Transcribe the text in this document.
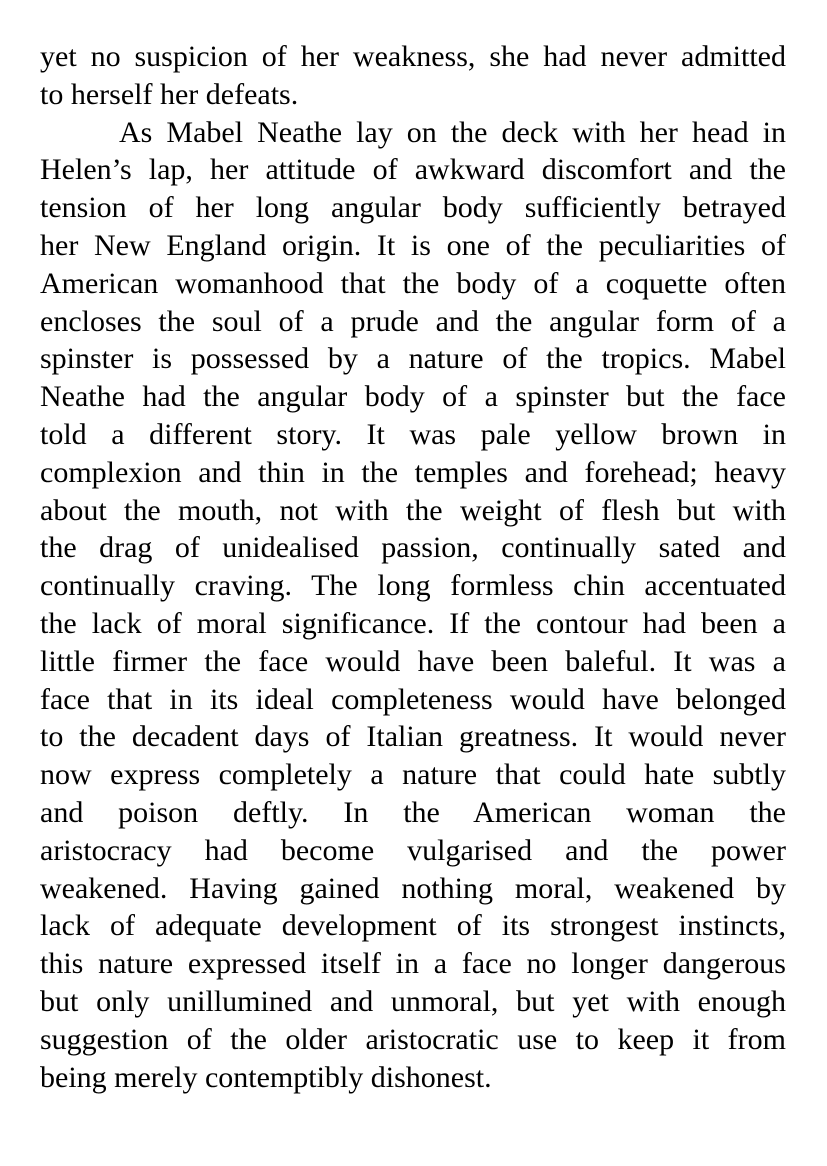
yet no suspicion of her weakness, she had never admitted
to herself her defeats.
As Mabel Neathe lay on the deck with her head in
Helen’s lap, her attitude of awkward discomfort and the
tension of her long angular body sufficiently betrayed
her New England origin. It is one of the peculiarities of
American womanhood that the body of a coquette often
encloses the soul of a prude and the angular form of a
spinster is possessed by a nature of the tropics. Mabel
Neathe had the angular body of a spinster but the face
told a different story. It was pale yellow brown in
complexion and thin in the temples and forehead; heavy
about the mouth, not with the weight of flesh but with
the drag of unidealised passion, continually sated and
continually craving. The long formless chin accentuated
the lack of moral significance. If the contour had been a
little firmer the face would have been baleful. It was a
face that in its ideal completeness would have belonged
to the decadent days of Italian greatness. It would never
now express completely a nature that could hate subtly
and poison deftly. In the American woman the
aristocracy had become vulgarised and the power
weakened. Having gained nothing moral, weakened by
lack of adequate development of its strongest instincts,
this nature expressed itself in a face no longer dangerous
but only unillumined and unmoral, but yet with enough
suggestion of the older aristocratic use to keep it from
being merely contemptibly dishonest.
